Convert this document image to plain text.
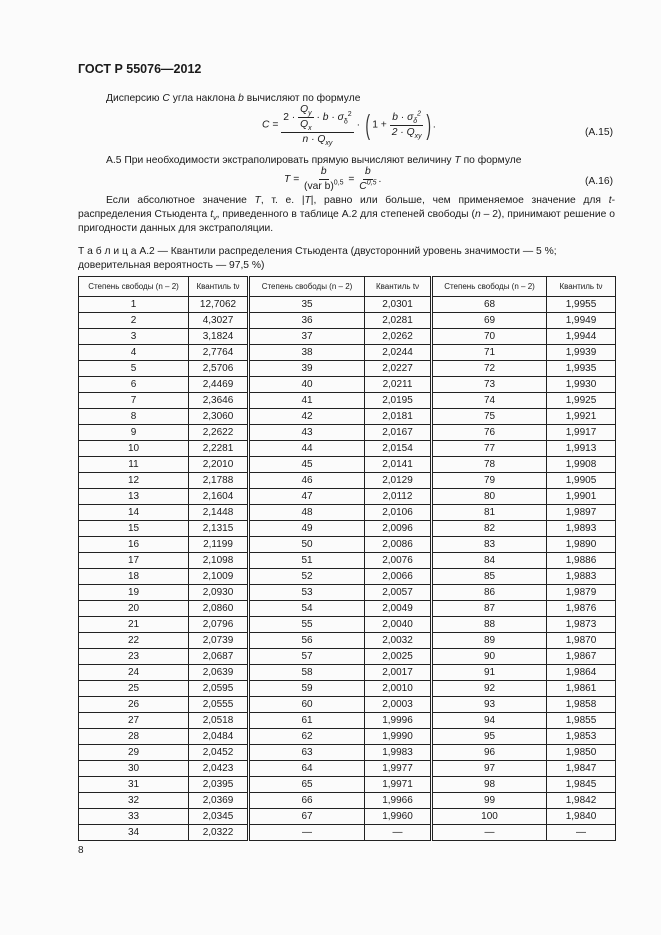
ГОСТ Р 55076—2012
Дисперсию C угла наклона b вычисляют по формуле
$C = \frac{2 \cdot \frac{Q_y}{Q_x} \cdot b \cdot \sigma_\delta^2}{n \cdot Q_{xy}}$ · ( $1 + \frac{b \cdot \sigma_\delta^2}{2 \cdot Q_{xy}}$ ) .
(А.15)
А.5 При необходимости экстраполировать прямую вычисляют величину T по формуле
$T = \frac{b}{(var b)^{0,5}} = \frac{b}{C^{0,5}}$ .	(А.16)
Если абсолютное значение T, т. е. |T|, равно или больше, чем применяемое значение для t-распределения Стьюдента $t_\nu$, приведенного в таблице А.2 для степеней свободы (n – 2), принимают решение о пригодности данных для экстраполяции.
Т а б л и ц а А.2 — Квантили распределения Стьюдента (двусторонний уровень значимости — 5 %; доверительная вероятность — 97,5 %)
Степень свободы (n – 2)	Квантиль tν	Степень свободы (n – 2)	Квантиль tν	Степень свободы (n – 2)	Квантиль tν
1	12,7062	35	2,0301	68	1,9955
2	4,3027	36	2,0281	69	1,9949
3	3,1824	37	2,0262	70	1,9944
4	2,7764	38	2,0244	71	1,9939
5	2,5706	39	2,0227	72	1,9935
6	2,4469	40	2,0211	73	1,9930
7	2,3646	41	2,0195	74	1,9925
8	2,3060	42	2,0181	75	1,9921
9	2,2622	43	2,0167	76	1,9917
10	2,2281	44	2,0154	77	1,9913
11	2,2010	45	2,0141	78	1,9908
12	2,1788	46	2,0129	79	1,9905
13	2,1604	47	2,0112	80	1,9901
14	2,1448	48	2,0106	81	1,9897
15	2,1315	49	2,0096	82	1,9893
16	2,1199	50	2,0086	83	1,9890
17	2,1098	51	2,0076	84	1,9886
18	2,1009	52	2,0066	85	1,9883
19	2,0930	53	2,0057	86	1,9879
20	2,0860	54	2,0049	87	1,9876
21	2,0796	55	2,0040	88	1,9873
22	2,0739	56	2,0032	89	1,9870
23	2,0687	57	2,0025	90	1,9867
24	2,0639	58	2,0017	91	1,9864
25	2,0595	59	2,0010	92	1,9861
26	2,0555	60	2,0003	93	1,9858
27	2,0518	61	1,9996	94	1,9855
28	2,0484	62	1,9990	95	1,9853
29	2,0452	63	1,9983	96	1,9850
30	2,0423	64	1,9977	97	1,9847
31	2,0395	65	1,9971	98	1,9845
32	2,0369	66	1,9966	99	1,9842
33	2,0345	67	1,9960	100	1,9840
34	2,0322	—	—	—	—
8
